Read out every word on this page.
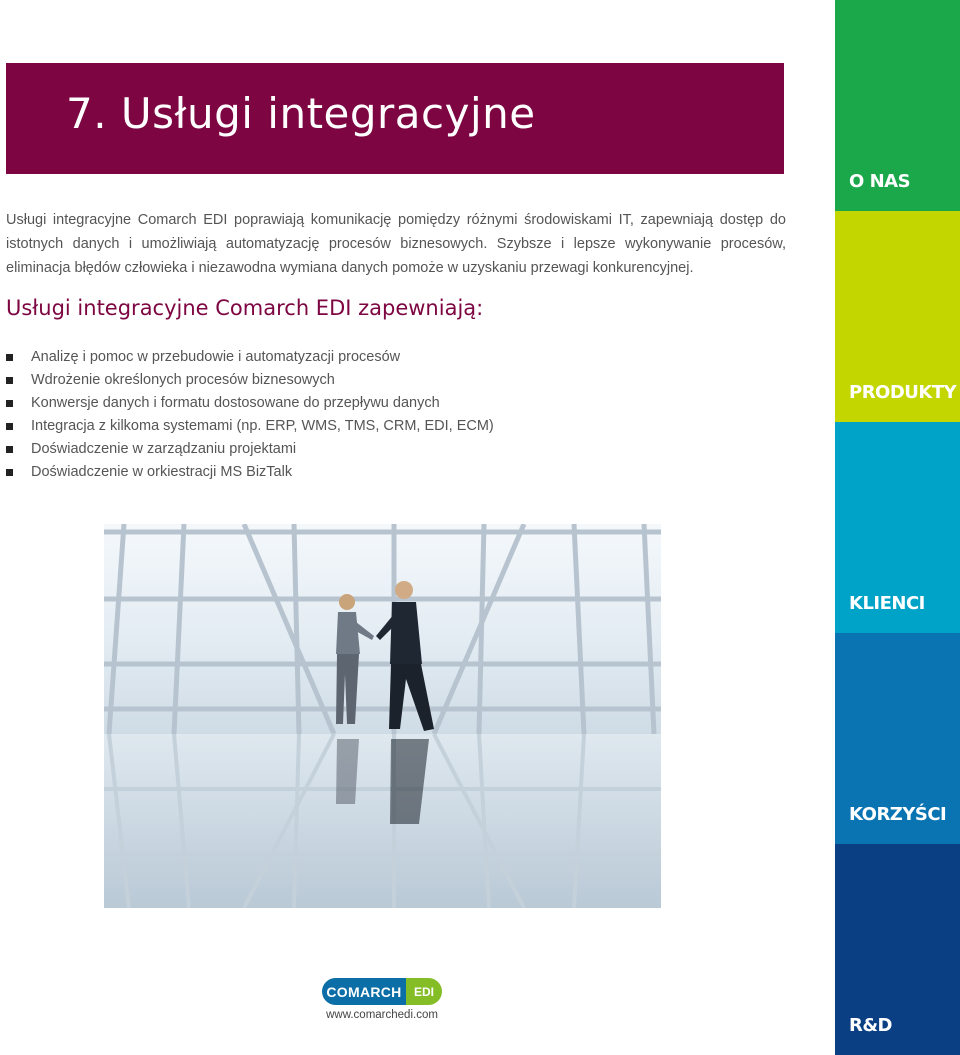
7. Usługi integracyjne

Usługi integracyjne Comarch EDI poprawiają komunikację pomiędzy różnymi środowiskami IT, zapewniają dostęp do istotnych danych i umożliwiają automatyzację procesów biznesowych. Szybsze i lepsze wykonywanie procesów, eliminacja błędów człowieka i niezawodna wymiana danych pomoże w uzyskaniu przewagi konkurencyjnej.

Usługi integracyjne Comarch EDI zapewniają:
Analizę i pomoc w przebudowie i automatyzacji procesów
Wdrożenie określonych procesów biznesowych
Konwersje danych i formatu dostosowane do przepływu danych
Integracja z kilkoma systemami (np. ERP, WMS, TMS, CRM, EDI, ECM)
Doświadczenie w zarządzaniu projektami
Doświadczenie w orkiestracji MS BizTalk
COMARCH	EDI
www.comarchedi.com
O NAS
PRODUKTY
KLIENCI
KORZYŚCI
R&D
